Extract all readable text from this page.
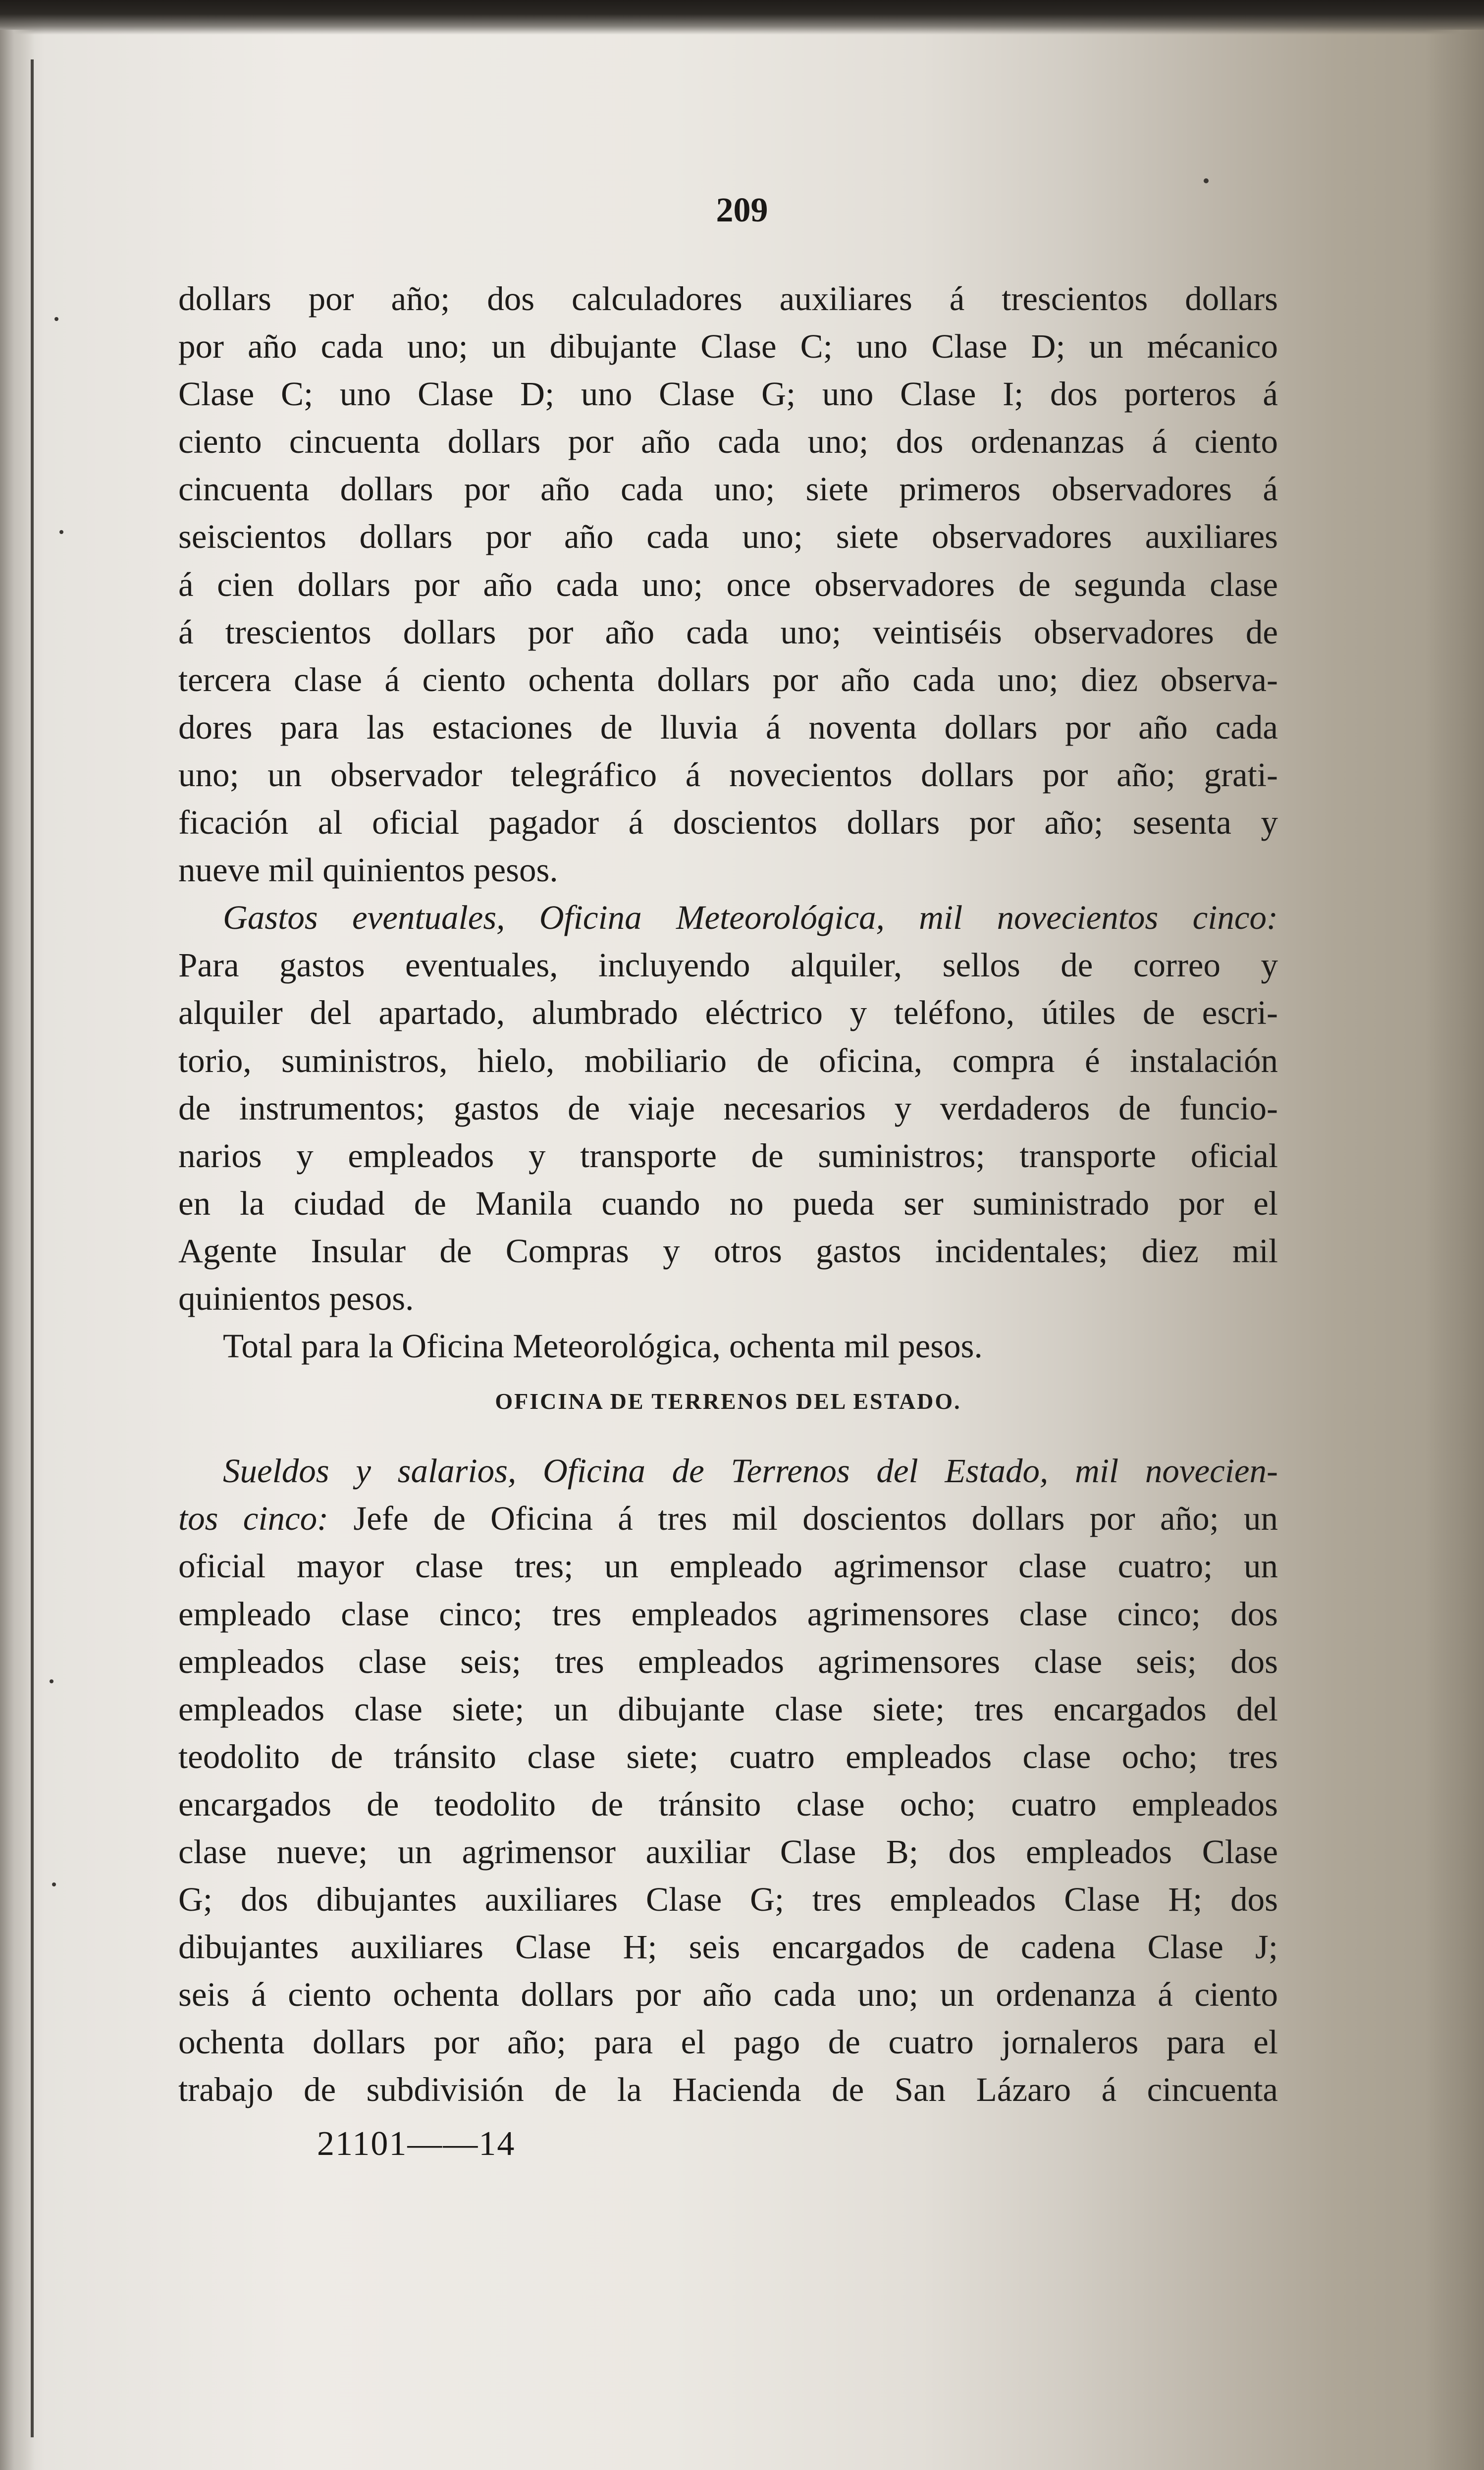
209
dollars por año; dos calculadores auxiliares á trescientos dollars
por año cada uno; un dibujante Clase C; uno Clase D; un mécanico
Clase C; uno Clase D; uno Clase G; uno Clase I; dos porteros á
ciento cincuenta dollars por año cada uno; dos ordenanzas á ciento
cincuenta dollars por año cada uno; siete primeros observadores á
seiscientos dollars por año cada uno; siete observadores auxiliares
á cien dollars por año cada uno; once observadores de segunda clase
á trescientos dollars por año cada uno; veintiséis observadores de
tercera clase á ciento ochenta dollars por año cada uno; diez observa-
dores para las estaciones de lluvia á noventa dollars por año cada
uno; un observador telegráfico á novecientos dollars por año; grati-
ficación al oficial pagador á doscientos dollars por año; sesenta y
nueve mil quinientos pesos.
Gastos eventuales, Oficina Meteorológica, mil novecientos cinco:
Para gastos eventuales, incluyendo alquiler, sellos de correo y
alquiler del apartado, alumbrado eléctrico y teléfono, útiles de escri-
torio, suministros, hielo, mobiliario de oficina, compra é instalación
de instrumentos; gastos de viaje necesarios y verdaderos de funcio-
narios y empleados y transporte de suministros; transporte oficial
en la ciudad de Manila cuando no pueda ser suministrado por el
Agente Insular de Compras y otros gastos incidentales; diez mil
quinientos pesos.
Total para la Oficina Meteorológica, ochenta mil pesos.
OFICINA DE TERRENOS DEL ESTADO.
Sueldos y salarios, Oficina de Terrenos del Estado, mil novecien-
tos cinco: Jefe de Oficina á tres mil doscientos dollars por año; un
oficial mayor clase tres; un empleado agrimensor clase cuatro; un
empleado clase cinco; tres empleados agrimensores clase cinco; dos
empleados clase seis; tres empleados agrimensores clase seis; dos
empleados clase siete; un dibujante clase siete; tres encargados del
teodolito de tránsito clase siete; cuatro empleados clase ocho; tres
encargados de teodolito de tránsito clase ocho; cuatro empleados
clase nueve; un agrimensor auxiliar Clase B; dos empleados Clase
G; dos dibujantes auxiliares Clase G; tres empleados Clase H; dos
dibujantes auxiliares Clase H; seis encargados de cadena Clase J;
seis á ciento ochenta dollars por año cada uno; un ordenanza á ciento
ochenta dollars por año; para el pago de cuatro jornaleros para el
trabajo de subdivisión de la Hacienda de San Lázaro á cincuenta
21101——14
